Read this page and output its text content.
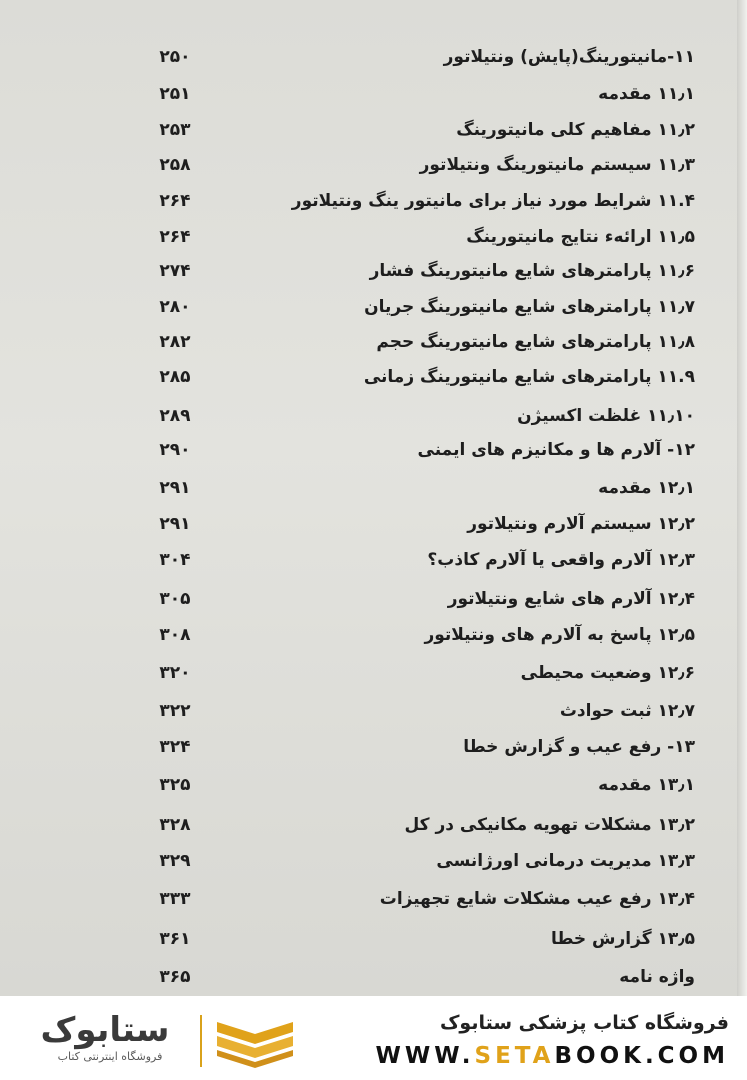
۱۱-مانیتورینگ(پایش) ونتیلاتور
۲۵۰
۱۱٫۱ مقدمه
۲۵۱
۱۱٫۲ مفاهیم کلی مانیتورینگ
۲۵۳
۱۱٫۳ سیستم مانیتورینگ ونتیلاتور
۲۵۸
۱۱.۴ شرایط مورد نیاز برای مانیتور ینگ ونتیلاتور
۲۶۴
۱۱٫۵ ارائه‌ء نتایج مانیتورینگ
۲۶۴
۱۱٫۶ پارامترهای شایع مانیتورینگ فشار
۲۷۴
۱۱٫۷ پارامترهای شایع مانیتورینگ جریان
۲۸۰
۱۱٫۸ پارامترهای شایع مانیتورینگ حجم
۲۸۲
۱۱.۹ پارامترهای شایع مانیتورینگ زمانی
۲۸۵
۱۱٫۱۰ غلظت اکسیژن
۲۸۹
۱۲- آلارم ها و مکانیزم های ایمنی
۲۹۰
۱۲٫۱ مقدمه
۲۹۱
۱۲٫۲ سیستم آلارم ونتیلاتور
۲۹۱
۱۲٫۳ آلارم واقعی یا آلارم کاذب؟
۳۰۴
۱۲٫۴ آلارم های شایع ونتیلاتور
۳۰۵
۱۲٫۵ پاسخ به آلارم های ونتیلاتور
۳۰۸
۱۲٫۶ وضعیت محیطی
۳۲۰
۱۲٫۷ ثبت حوادث
۳۲۲
۱۳- رفع عیب و گزارش خطا
۳۲۴
۱۳٫۱ مقدمه
۳۲۵
۱۳٫۲ مشکلات تهویه مکانیکی در کل
۳۲۸
۱۳٫۳ مدیریت درمانی اورژانسی
۳۲۹
۱۳٫۴ رفع عیب مشکلات شایع تجهیزات
۳۳۳
۱۳٫۵ گزارش خطا
۳۶۱
واژه نامه
۳۶۵
ستابوک
فروشگاه اینترنتی کتاب
فروشگاه کتاب پزشکی ستابوک
WWW.SETABOOK.COM
